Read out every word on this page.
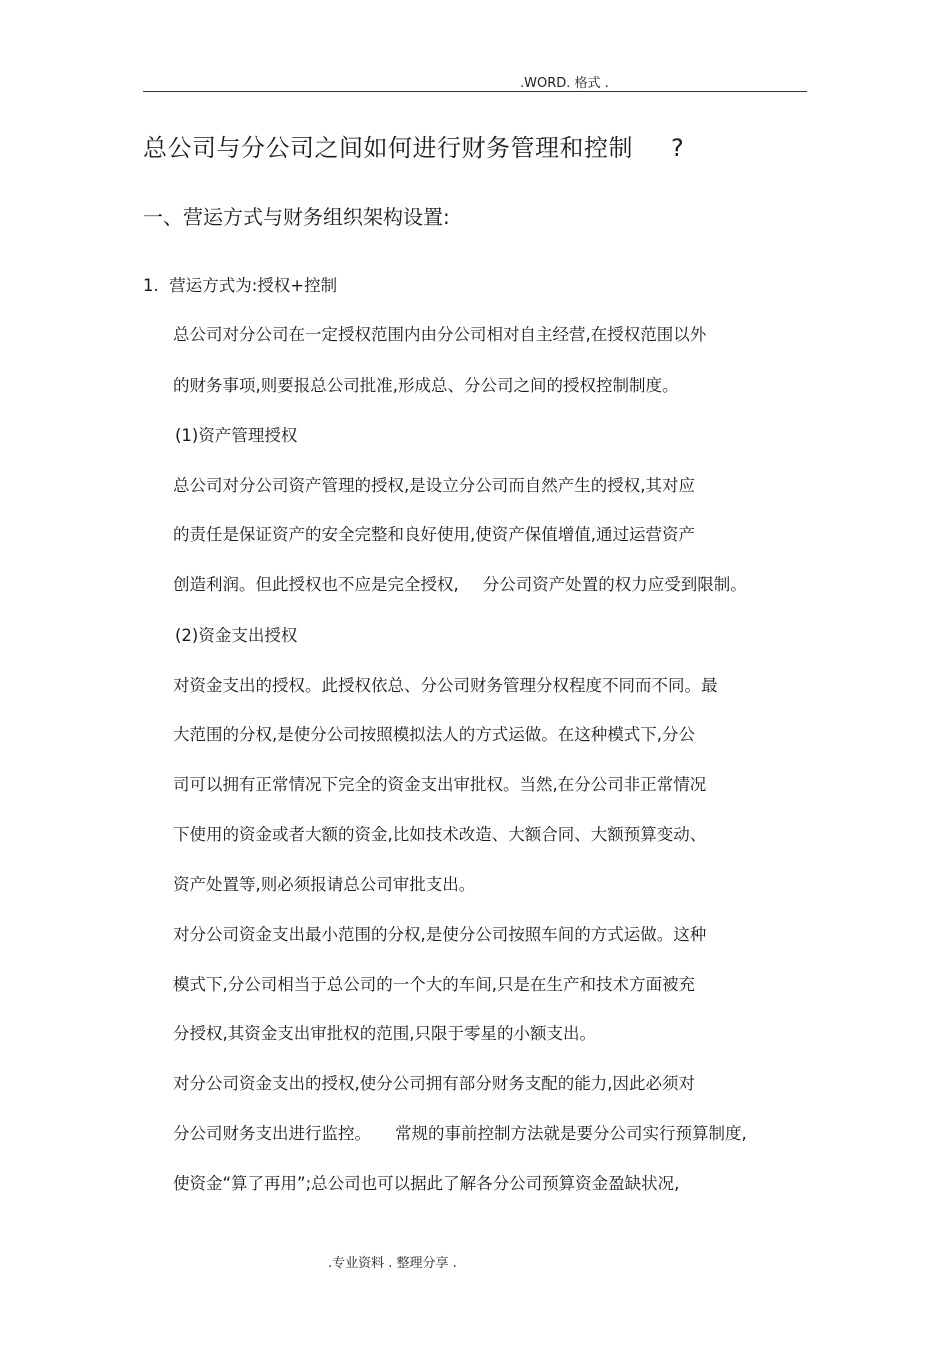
.WORD. 格式 .
总公司与分公司之间如何进行财务管理和控制 ?
一、营运方式与财务组织架构设置:
1. 营运方式为:授权+控制
总公司对分公司在一定授权范围内由分公司相对自主经营,在授权范围以外
的财务事项,则要报总公司批准,形成总、分公司之间的授权控制制度。
(1)资产管理授权
总公司对分公司资产管理的授权,是设立分公司而自然产生的授权,其对应
的责任是保证资产的安全完整和良好使用,使资产保值增值,通过运营资产
创造利润。但此授权也不应是完全授权, 分公司资产处置的权力应受到限制。
(2)资金支出授权
对资金支出的授权。此授权依总、分公司财务管理分权程度不同而不同。最
大范围的分权,是使分公司按照模拟法人的方式运做。在这种模式下,分公
司可以拥有正常情况下完全的资金支出审批权。当然,在分公司非正常情况
下使用的资金或者大额的资金,比如技术改造、大额合同、大额预算变动、
资产处置等,则必须报请总公司审批支出。
对分公司资金支出最小范围的分权,是使分公司按照车间的方式运做。这种
模式下,分公司相当于总公司的一个大的车间,只是在生产和技术方面被充
分授权,其资金支出审批权的范围,只限于零星的小额支出。
对分公司资金支出的授权,使分公司拥有部分财务支配的能力,因此必须对
分公司财务支出进行监控。 常规的事前控制方法就是要分公司实行预算制度,
使资金“算了再用”;总公司也可以据此了解各分公司预算资金盈缺状况,
.专业资料 . 整理分享 .
